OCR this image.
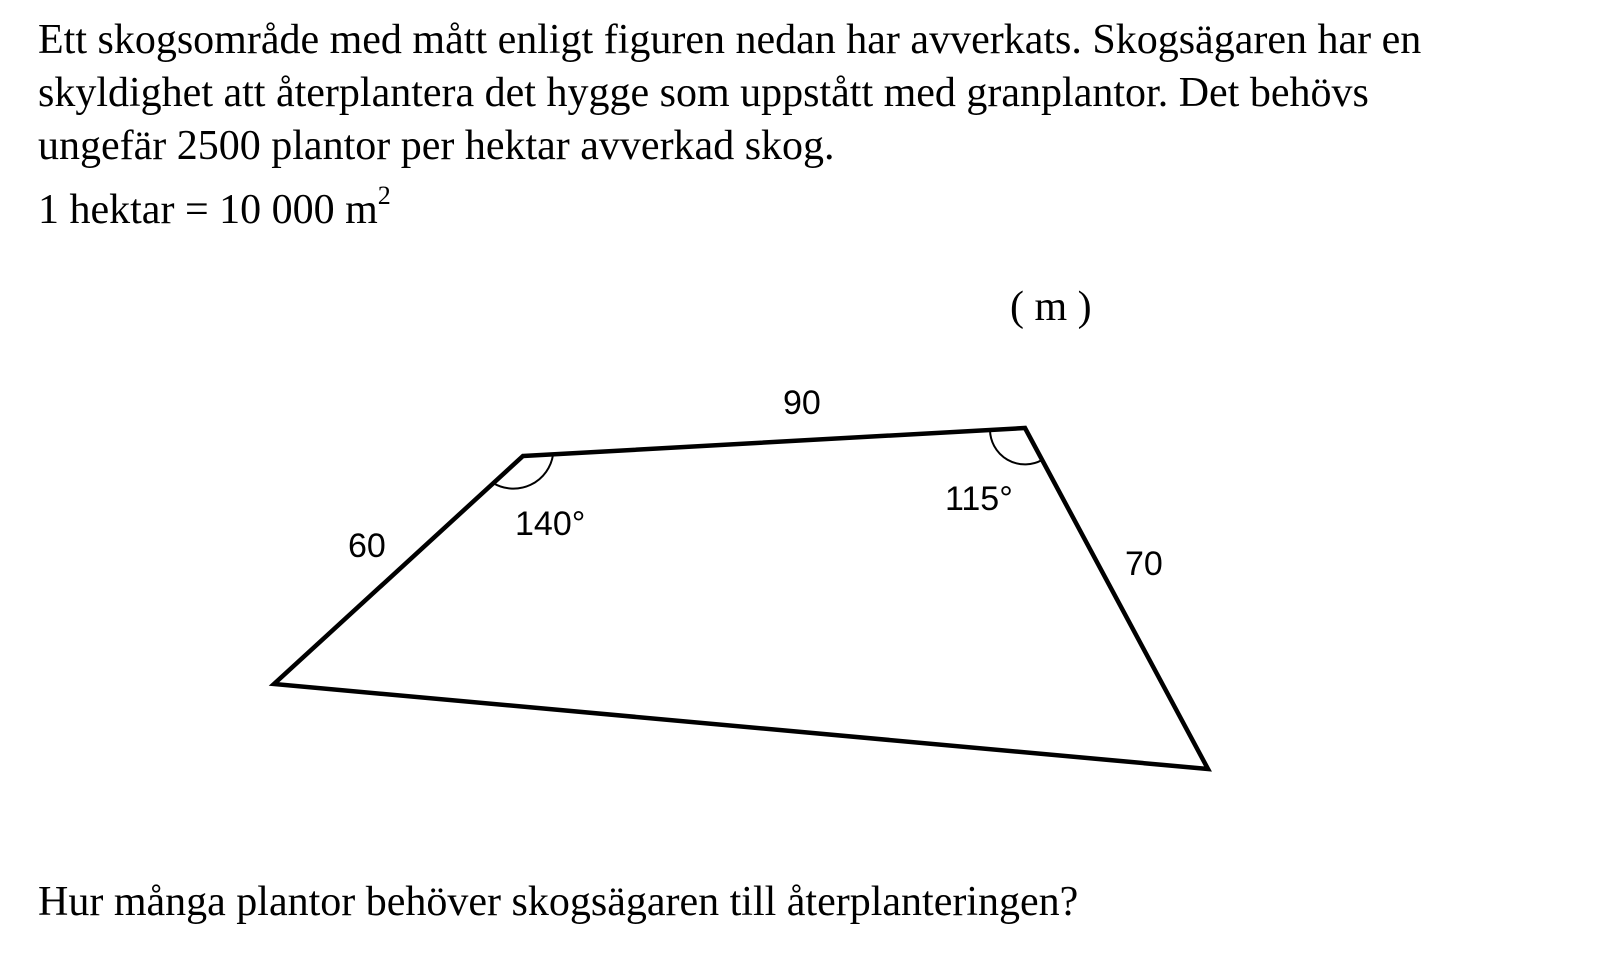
Ett skogsområde med mått enligt figuren nedan har avverkats. Skogsägaren har en
skyldighet att återplantera det hygge som uppstått med granplantor. Det behövs
ungefär 2500 plantor per hektar avverkad skog.
1 hektar = 10 000 $m^2$
( m )
90
60	70
140°
115°
Hur många plantor behöver skogsägaren till återplanteringen?
